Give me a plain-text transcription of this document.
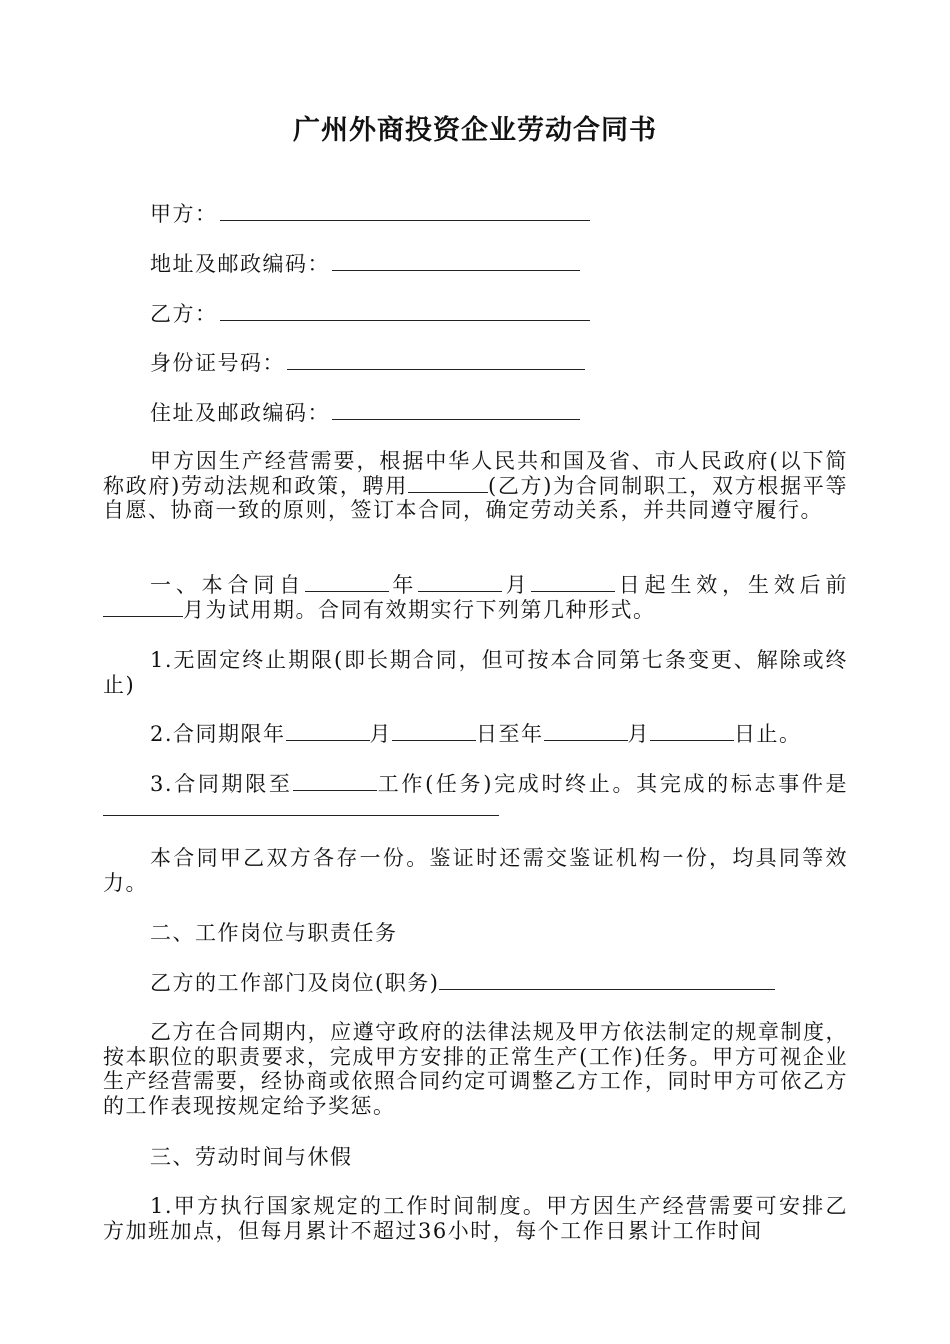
广州外商投资企业劳动合同书
甲方：
地址及邮政编码：
乙方：
身份证号码：
住址及邮政编码：
甲方因生产经营需要，根据中华人民共和国及省、市人民政府(以下简称政府)劳动法规和政策，聘用	(乙方)为合同制职工，双方根据平等自愿、协商一致的原则，签订本合同，确定劳动关系，并共同遵守履行。
一、本合同自	年	月	日起生效，生效后前月为试用期。合同有效期实行下列第几种形式。
1.无固定终止期限(即长期合同，但可按本合同第七条变更、解除或终止)
2.合同期限年	月	日至年	月	日止。
3.合同期限至	工作(任务)完成时终止。其完成的标志事件是
本合同甲乙双方各存一份。鉴证时还需交鉴证机构一份，均具同等效力。
二、工作岗位与职责任务
乙方的工作部门及岗位(职务)
乙方在合同期内，应遵守政府的法律法规及甲方依法制定的规章制度，按本职位的职责要求，完成甲方安排的正常生产(工作)任务。甲方可视企业生产经营需要，经协商或依照合同约定可调整乙方工作，同时甲方可依乙方的工作表现按规定给予奖惩。
三、劳动时间与休假
1.甲方执行国家规定的工作时间制度。甲方因生产经营需要可安排乙方加班加点，但每月累计不超过36小时，每个工作日累计工作时间
